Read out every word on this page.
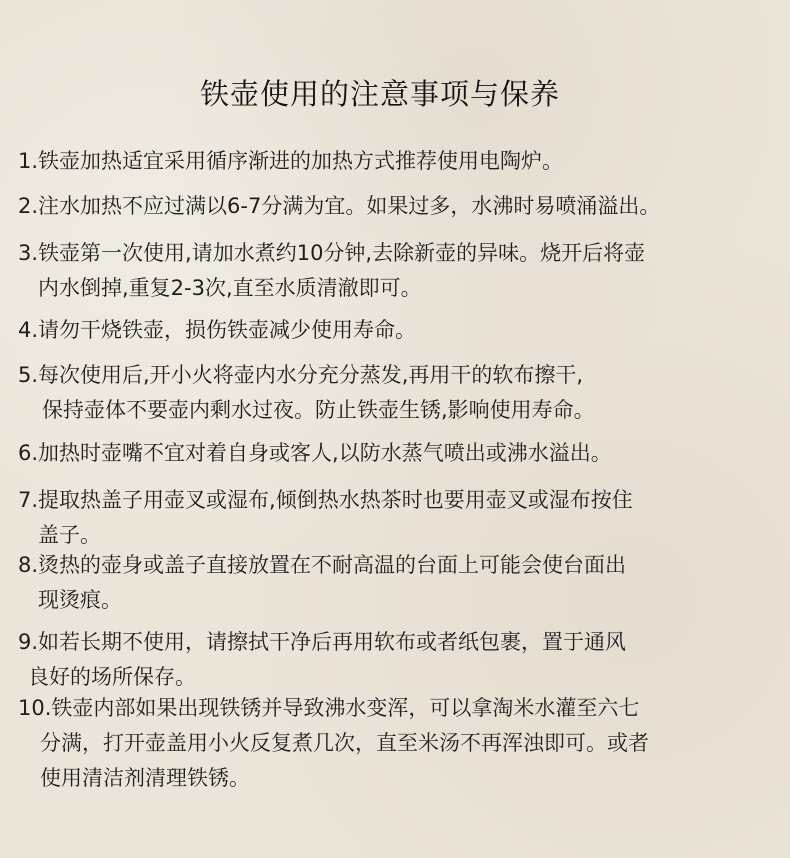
铁壶使用的注意事项与保养
1.铁壶加热适宜采用循序渐进的加热方式推荐使用电陶炉。
2.注水加热不应过满以6-7分满为宜。如果过多，水沸时易喷涌溢出。
3.铁壶第一次使用,请加水煮约10分钟,去除新壶的异味。烧开后将壶
内水倒掉,重复2-3次,直至水质清澈即可。
4.请勿干烧铁壶，损伤铁壶减少使用寿命。
5.每次使用后,开小火将壶内水分充分蒸发,再用干的软布擦干,
保持壶体不要壶内剩水过夜。防止铁壶生锈,影响使用寿命。
6.加热时壶嘴不宜对着自身或客人,以防水蒸气喷出或沸水溢出。
7.提取热盖子用壶叉或湿布,倾倒热水热茶时也要用壶叉或湿布按住
盖子。
8.烫热的壶身或盖子直接放置在不耐高温的台面上可能会使台面出
现烫痕。
9.如若长期不使用，请擦拭干净后再用软布或者纸包裹，置于通风
良好的场所保存。
10.铁壶内部如果出现铁锈并导致沸水变浑，可以拿淘米水灌至六七
分满，打开壶盖用小火反复煮几次，直至米汤不再浑浊即可。或者
使用清洁剂清理铁锈。
